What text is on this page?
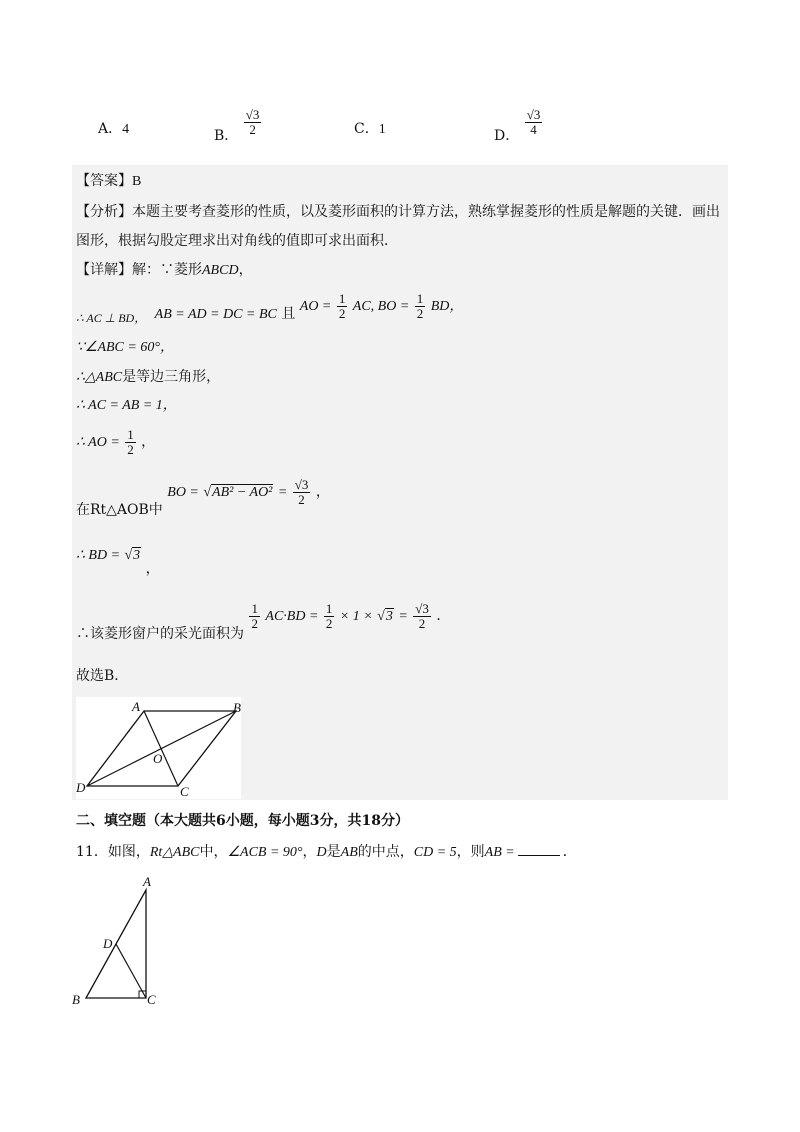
A．4	B． $\frac{√3}{2}$	C．1	D． $\frac{√3}{4}$
【答案】B
【分析】本题主要考查菱形的性质，以及菱形面积的计算方法，熟练掌握菱形的性质是解题的关键．画出
图形，根据勾股定理求出对角线的值即可求出面积．
【详解】解：∵菱形ABCD，
∴ AC ⊥ BD， AB = AD = DC = BC 且 AO = $\frac{1}{2}$ AC, BO = $\frac{1}{2}$ BD，
∵∠ABC = 60°，
∴△ABC是等边三角形，
∴ AC = AB = 1，
∴ AO = $\frac{1}{2}$ ，
在Rt△AOB中 BO = $√AB^2 - AO^2 = \frac{√3}{2}$ ，
∴ BD = √3 ，
∴该菱形窗户的采光面积为
$\frac{1}{2} AC\cdot BD = \frac{1}{2} \times 1 \times √3 = \frac{√3}{2}$ ．
故选B．
A	B
C
D
O
二、填空题（本大题共6小题，每小题3分，共18分）
11．如图，Rt△ABC中，∠ACB = 90°，D是AB的中点，CD = 5，则AB =	．
A
D
B	C
